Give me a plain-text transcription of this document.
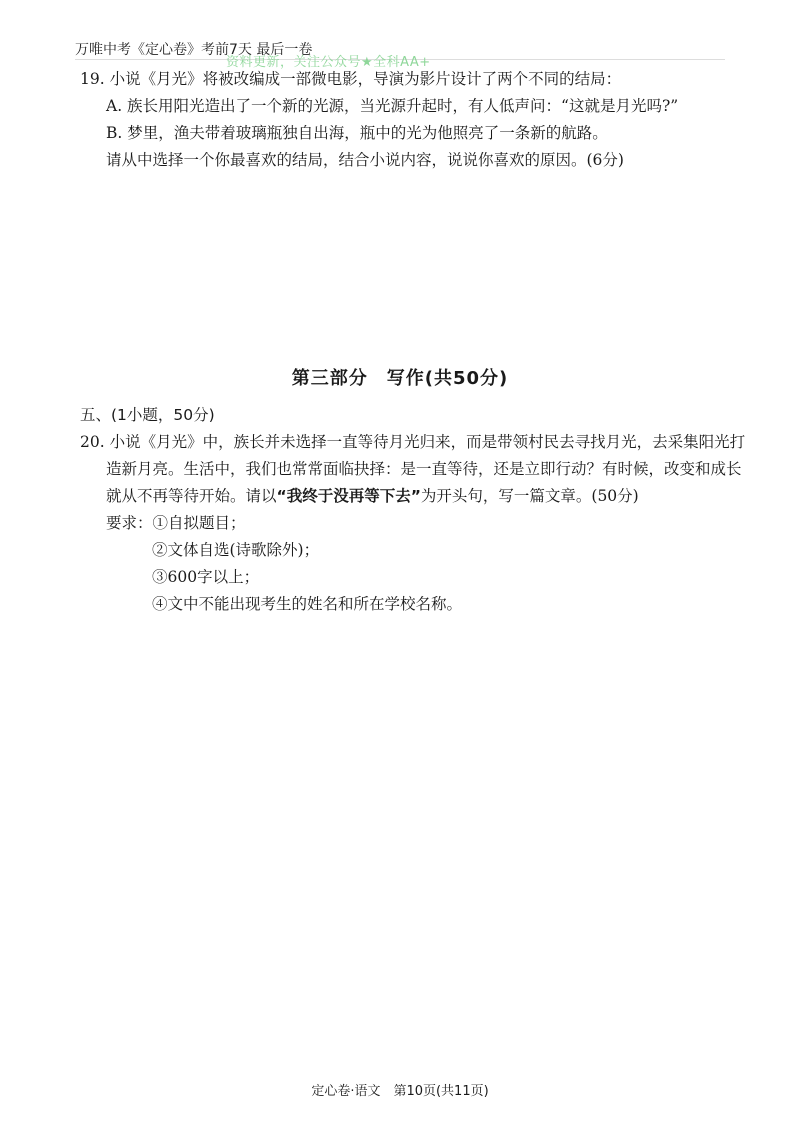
万唯中考《定心卷》考前7天 最后一卷
资料更新，关注公众号★全科AA+
19. 小说《月光》将被改编成一部微电影，导演为影片设计了两个不同的结局：
A. 族长用阳光造出了一个新的光源，当光源升起时，有人低声问：“这就是月光吗?”
B. 梦里，渔夫带着玻璃瓶独自出海，瓶中的光为他照亮了一条新的航路。
请从中选择一个你最喜欢的结局，结合小说内容，说说你喜欢的原因。(6分)
第三部分　写作(共50分)
五、(1小题，50分)
20. 小说《月光》中，族长并未选择一直等待月光归来，而是带领村民去寻找月光，去采集阳光打
造新月亮。生活中，我们也常常面临抉择：是一直等待，还是立即行动？有时候，改变和成长
就从不再等待开始。请以“我终于没再等下去”为开头句，写一篇文章。(50分)
要求：①自拟题目；
②文体自选(诗歌除外)；
③600字以上；
④文中不能出现考生的姓名和所在学校名称。
定心卷·语文　第10页(共11页)
